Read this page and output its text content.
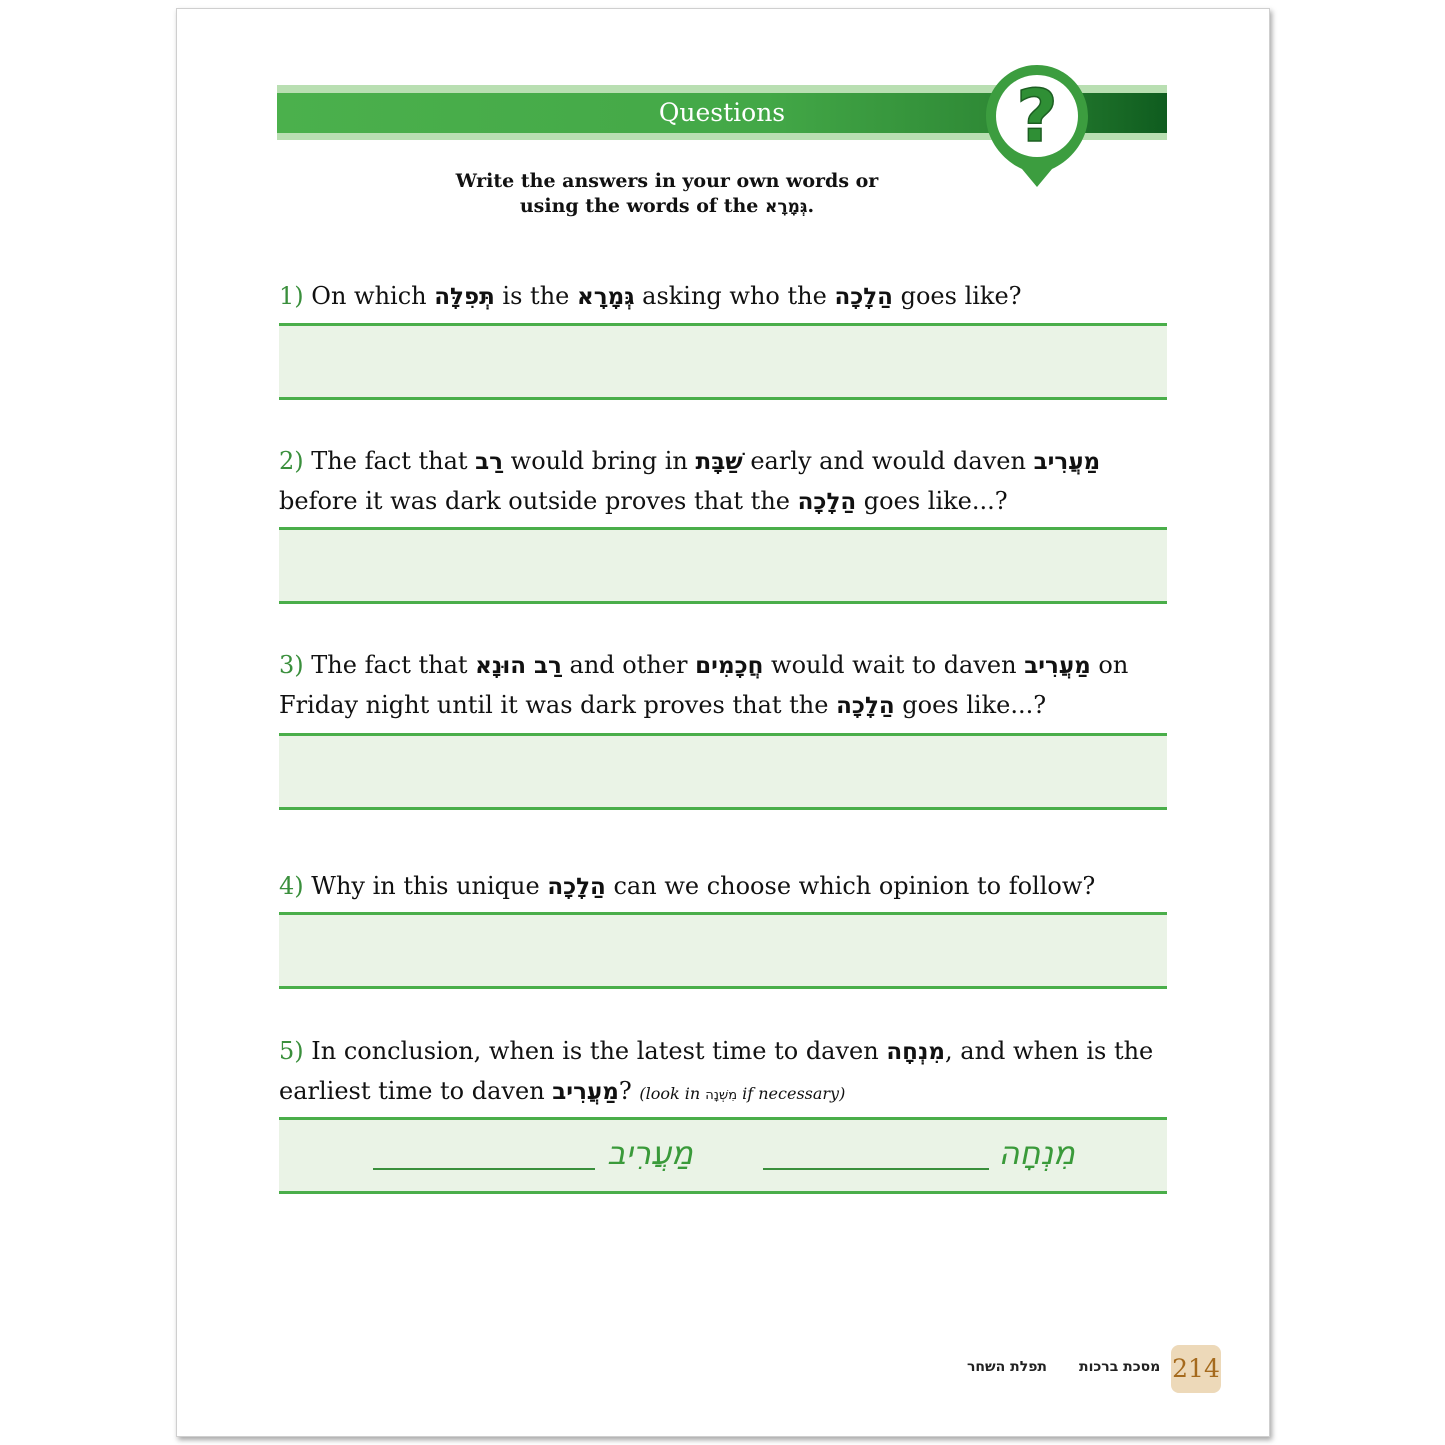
Questions	?
Write the answers in your own words or
using the words of the גְּמָרָא.
1) On which תְּפִלָּה is the גְּמָרָא asking who the הַלָכָה goes like?
2) The fact that רַב would bring in שַׁבָּת early and would daven מַעֲרִיב before it was dark outside proves that the הַלָכָה goes like...?
3) The fact that רַב הוּנָא and other חֲכָמִים would wait to daven מַעֲרִיב on Friday night until it was dark proves that the הַלָכָה goes like...?
4) Why in this unique הַלָכָה can we choose which opinion to follow?
5) In conclusion, when is the latest time to daven מִנְחָה, and when is the earliest time to daven מַעֲרִיב? (look in מִשְׁנָה if necessary)
מַעֲרִיב	מִנְחָה
תפלת השחר מסכת ברכות 214
